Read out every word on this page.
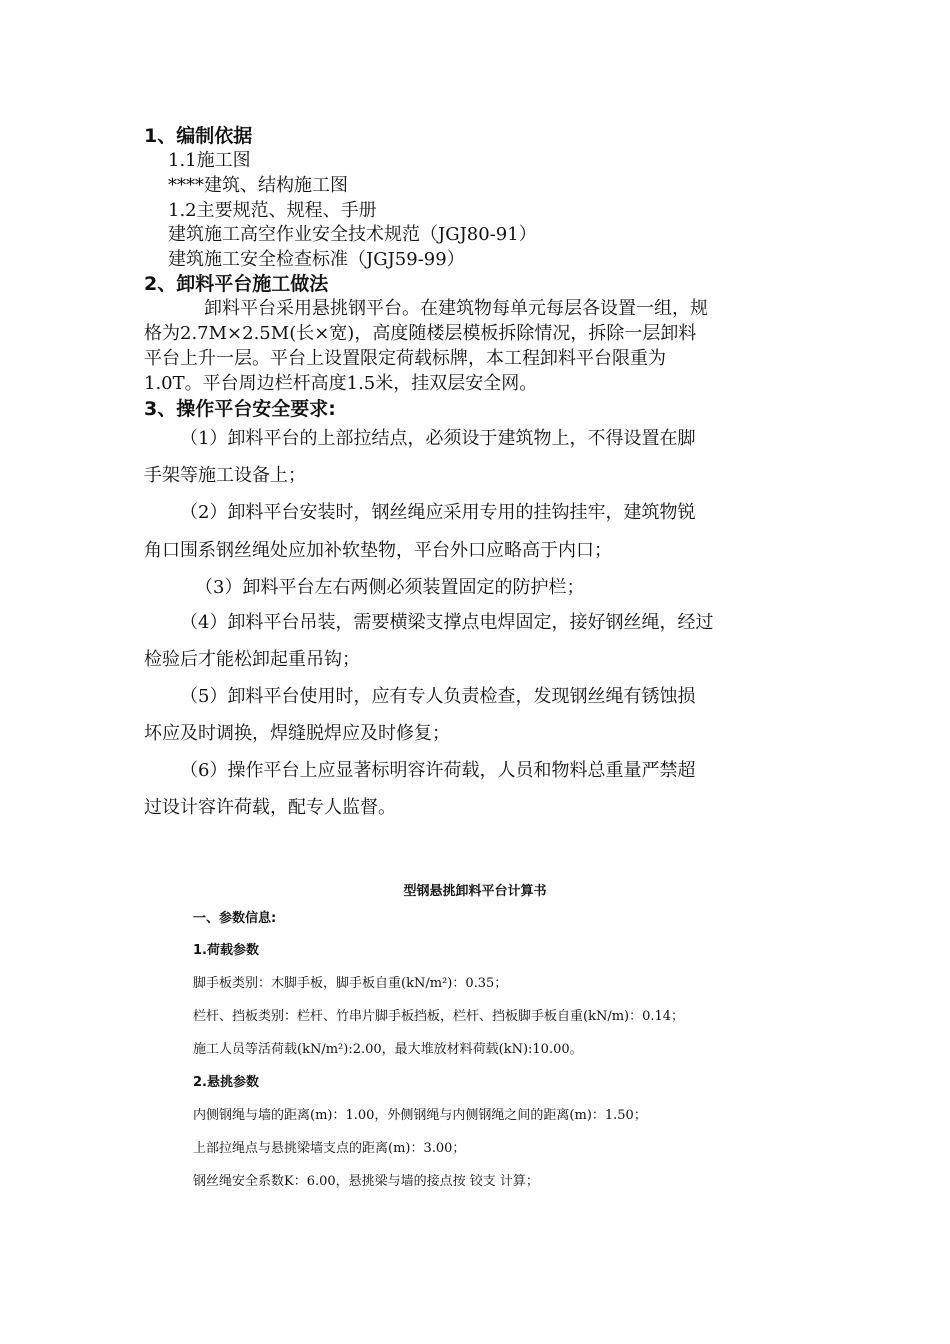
1、编制依据
1.1施工图
****建筑、结构施工图
1.2主要规范、规程、手册
建筑施工高空作业安全技术规范（JGJ80-91）
建筑施工安全检查标准（JGJ59-99）
2、卸料平台施工做法
卸料平台采用悬挑钢平台。在建筑物每单元每层各设置一组，规
格为2.7M×2.5M(长×宽)，高度随楼层模板拆除情况，拆除一层卸料
平台上升一层。平台上设置限定荷载标牌，本工程卸料平台限重为
1.0T。平台周边栏杆高度1.5米，挂双层安全网。
3、操作平台安全要求:
（1）卸料平台的上部拉结点，必须设于建筑物上，不得设置在脚
手架等施工设备上；
（2）卸料平台安装时，钢丝绳应采用专用的挂钩挂牢，建筑物锐
角口围系钢丝绳处应加补软垫物，平台外口应略高于内口；
（3）卸料平台左右两侧必须装置固定的防护栏；
（4）卸料平台吊装，需要横梁支撑点电焊固定，接好钢丝绳，经过
检验后才能松卸起重吊钩；
（5）卸料平台使用时，应有专人负责检查，发现钢丝绳有锈蚀损
坏应及时调换，焊缝脱焊应及时修复；
（6）操作平台上应显著标明容许荷载，人员和物料总重量严禁超
过设计容许荷载，配专人监督。
型钢悬挑卸料平台计算书
一、参数信息:
1.荷载参数
脚手板类别：木脚手板，脚手板自重(kN/m²)：0.35；
栏杆、挡板类别：栏杆、竹串片脚手板挡板，栏杆、挡板脚手板自重(kN/m)：0.14；
施工人员等活荷载(kN/m²):2.00，最大堆放材料荷载(kN):10.00。
2.悬挑参数
内侧钢绳与墙的距离(m)：1.00，外侧钢绳与内侧钢绳之间的距离(m)：1.50；
上部拉绳点与悬挑梁墙支点的距离(m)：3.00；
钢丝绳安全系数K：6.00，悬挑梁与墙的接点按 铰支 计算；
